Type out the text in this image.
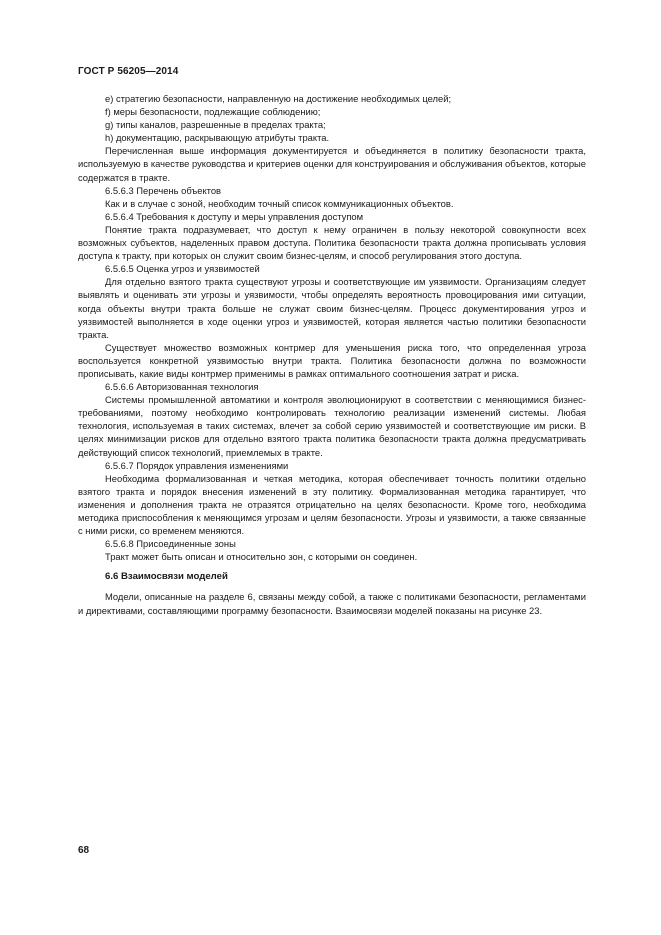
ГОСТ Р 56205—2014

e) стратегию безопасности, направленную на достижение необходимых целей;

f) меры безопасности, подлежащие соблюдению;

g) типы каналов, разрешенные в пределах тракта;

h) документацию, раскрывающую атрибуты тракта.

Перечисленная выше информация документируется и объединяется в политику безопасности тракта, используемую в качестве руководства и критериев оценки для конструирования и обслуживания объектов, которые содержатся в тракте.

6.5.6.3 Перечень объектов

Как и в случае с зоной, необходим точный список коммуникационных объектов.

6.5.6.4 Требования к доступу и меры управления доступом

Понятие тракта подразумевает, что доступ к нему ограничен в пользу некоторой совокупности всех возможных субъектов, наделенных правом доступа. Политика безопасности тракта должна прописывать условия доступа к тракту, при которых он служит своим бизнес-целям, и способ регулирования этого доступа.

6.5.6.5 Оценка угроз и уязвимостей

Для отдельно взятого тракта существуют угрозы и соответствующие им уязвимости. Организациям следует выявлять и оценивать эти угрозы и уязвимости, чтобы определять вероятность провоцирования ими ситуации, когда объекты внутри тракта больше не служат своим бизнес-целям. Процесс документирования угроз и уязвимостей выполняется в ходе оценки угроз и уязвимостей, которая является частью политики безопасности тракта.

Существует множество возможных контрмер для уменьшения риска того, что определенная угроза воспользуется конкретной уязвимостью внутри тракта. Политика безопасности должна по возможности прописывать, какие виды контрмер применимы в рамках оптимального соотношения затрат и риска.

6.5.6.6 Авторизованная технология

Системы промышленной автоматики и контроля эволюционируют в соответствии с меняющимися бизнес-требованиями, поэтому необходимо контролировать технологию реализации изменений системы. Любая технология, используемая в таких системах, влечет за собой серию уязвимостей и соответствующие им риски. В целях минимизации рисков для отдельно взятого тракта политика безопасности тракта должна предусматривать действующий список технологий, приемлемых в тракте.

6.5.6.7 Порядок управления изменениями

Необходима формализованная и четкая методика, которая обеспечивает точность политики отдельно взятого тракта и порядок внесения изменений в эту политику. Формализованная методика гарантирует, что изменения и дополнения тракта не отразятся отрицательно на целях безопасности. Кроме того, необходима методика приспособления к меняющимся угрозам и целям безопасности. Угрозы и уязвимости, а также связанные с ними риски, со временем меняются.

6.5.6.8 Присоединенные зоны

Тракт может быть описан и относительно зон, с которыми он соединен.

6.6 Взаимосвязи моделей

Модели, описанные на разделе 6, связаны между собой, а также с политиками безопасности, регламентами и директивами, составляющими программу безопасности. Взаимосвязи моделей показаны на рисунке 23.

68
